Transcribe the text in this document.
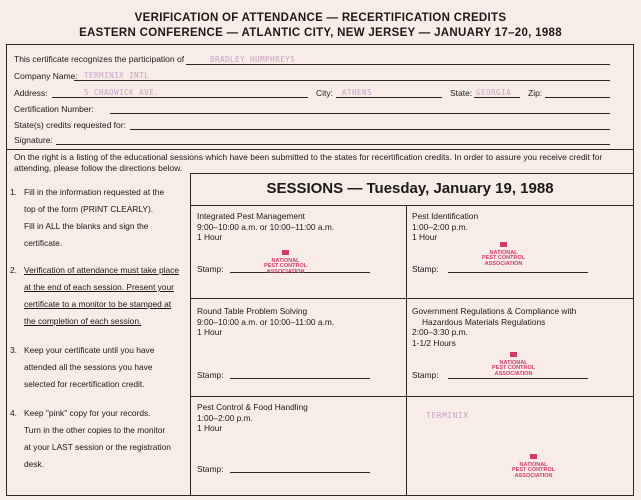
VERIFICATION OF ATTENDANCE — RECERTIFICATION CREDITS
EASTERN CONFERENCE — ATLANTIC CITY, NEW JERSEY — JANUARY 17–20, 1988
This certificate recognizes the participation of	BRADLEY HUMPHREYS
Company Name: TERMINIX INTL
Address:	5 CHADWICK AVE.	City: ATHENS	State: GEORGIA Zip:
Certification Number:
State(s) credits requested for:
Signature:
On the right is a listing of the educational sessions which have been submitted to the states for recertification credits. In order to assure you receive credit for attending, please follow the directions below.
SESSIONS — Tuesday, January 19, 1988
1. Fill in the information requested at the
top of the form (PRINT CLEARLY).
Fill in ALL the blanks and sign the
certificate.
2. Verification of attendance must take place
at the end of each session. Present your
certificate to a monitor to be stamped at
the completion of each session.
3. Keep your certificate until you have
attended all the sessions you have
selected for recertification credit.
4. Keep "pink" copy for your records.
Turn in the other copies to the monitor
at your LAST session or the registration
desk.
Integrated Pest Management
9:00–10:00 a.m. or 10:00–11:00 a.m.
1 Hour
Stamp:

NATIONAL
PEST CONTROL
ASSOCIATION
Pest Identification
1:00–2:00 p.m.
1 Hour
Stamp:

NATIONAL
PEST CONTROL
ASSOCIATION
Round Table Problem Solving
9:00–10:00 a.m. or 10:00–11:00 a.m.
1 Hour
Stamp:
Government Regulations & Compliance with
Hazardous Materials Regulations
2:00–3:30 p.m.
1-1/2 Hours
Stamp:

NATIONAL
PEST CONTROL
ASSOCIATION
Pest Control & Food Handling
1:00–2:00 p.m.
1 Hour
Stamp:
TERMINIX

NATIONAL
PEST CONTROL
ASSOCIATION
